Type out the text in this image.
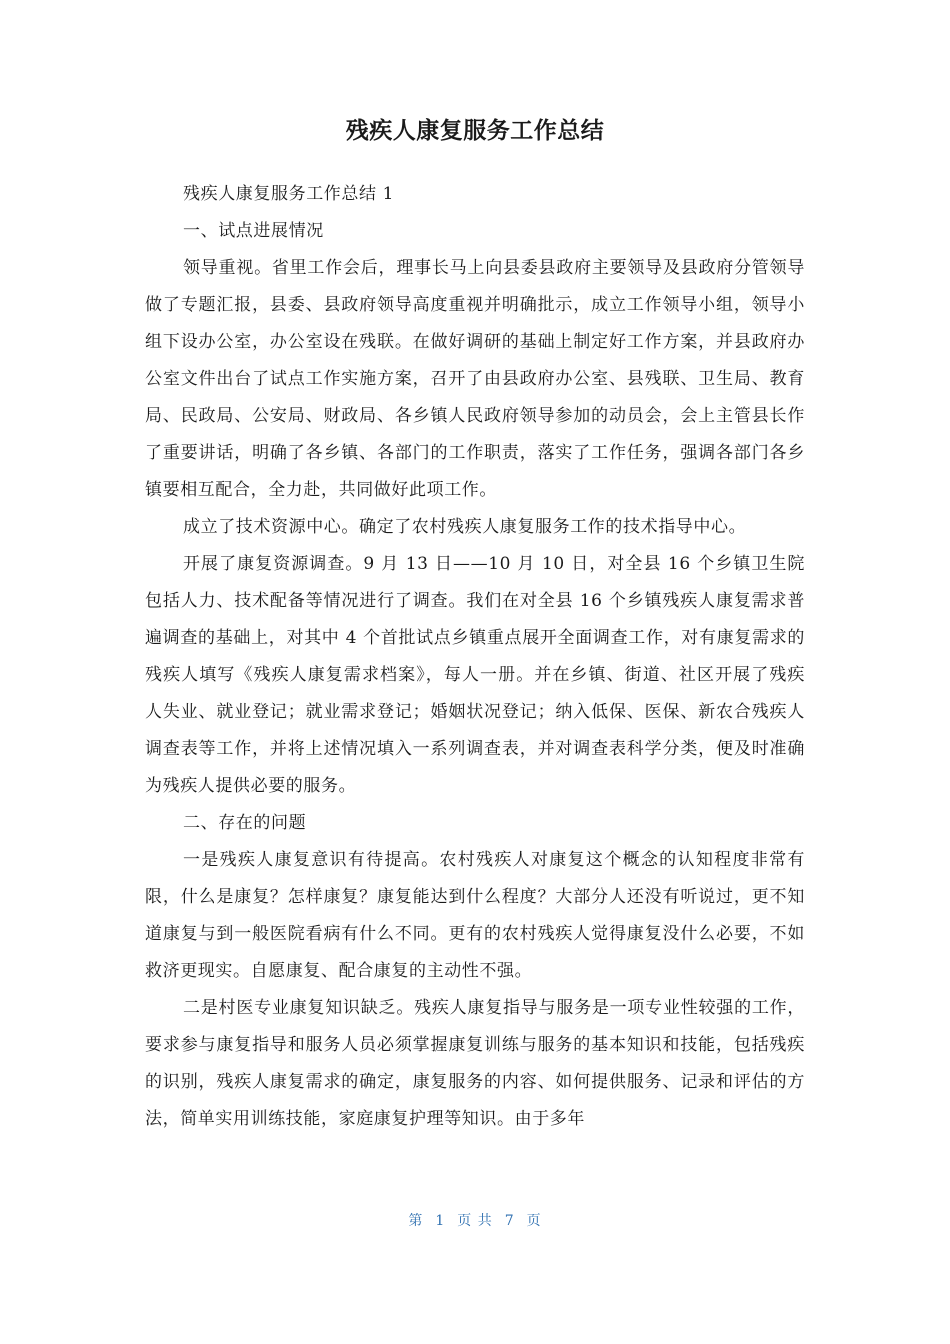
残疾人康复服务工作总结

残疾人康复服务工作总结 1

一、试点进展情况

领导重视。省里工作会后，理事长马上向县委县政府主要领导及县政府分管领导做了专题汇报，县委、县政府领导高度重视并明确批示，成立工作领导小组，领导小组下设办公室，办公室设在残联。在做好调研的基础上制定好工作方案，并县政府办公室文件出台了试点工作实施方案，召开了由县政府办公室、县残联、卫生局、教育局、民政局、公安局、财政局、各乡镇人民政府领导参加的动员会，会上主管县长作了重要讲话，明确了各乡镇、各部门的工作职责，落实了工作任务，强调各部门各乡镇要相互配合，全力赴，共同做好此项工作。

成立了技术资源中心。确定了农村残疾人康复服务工作的技术指导中心。

开展了康复资源调查。9 月 13 日——10 月 10 日，对全县 16 个乡镇卫生院包括人力、技术配备等情况进行了调查。我们在对全县 16 个乡镇残疾人康复需求普遍调查的基础上，对其中 4 个首批试点乡镇重点展开全面调查工作，对有康复需求的残疾人填写《残疾人康复需求档案》，每人一册。并在乡镇、街道、社区开展了残疾人失业、就业登记；就业需求登记；婚姻状况登记；纳入低保、医保、新农合残疾人调查表等工作，并将上述情况填入一系列调查表，并对调查表科学分类，便及时准确为残疾人提供必要的服务。

二、存在的问题

一是残疾人康复意识有待提高。农村残疾人对康复这个概念的认知程度非常有限，什么是康复？怎样康复？康复能达到什么程度？大部分人还没有听说过，更不知道康复与到一般医院看病有什么不同。更有的农村残疾人觉得康复没什么必要，不如救济更现实。自愿康复、配合康复的主动性不强。

二是村医专业康复知识缺乏。残疾人康复指导与服务是一项专业性较强的工作，要求参与康复指导和服务人员必须掌握康复训练与服务的基本知识和技能，包括残疾的识别，残疾人康复需求的确定，康复服务的内容、如何提供服务、记录和评估的方法，简单实用训练技能，家庭康复护理等知识。由于多年

第 1 页 共 7 页
